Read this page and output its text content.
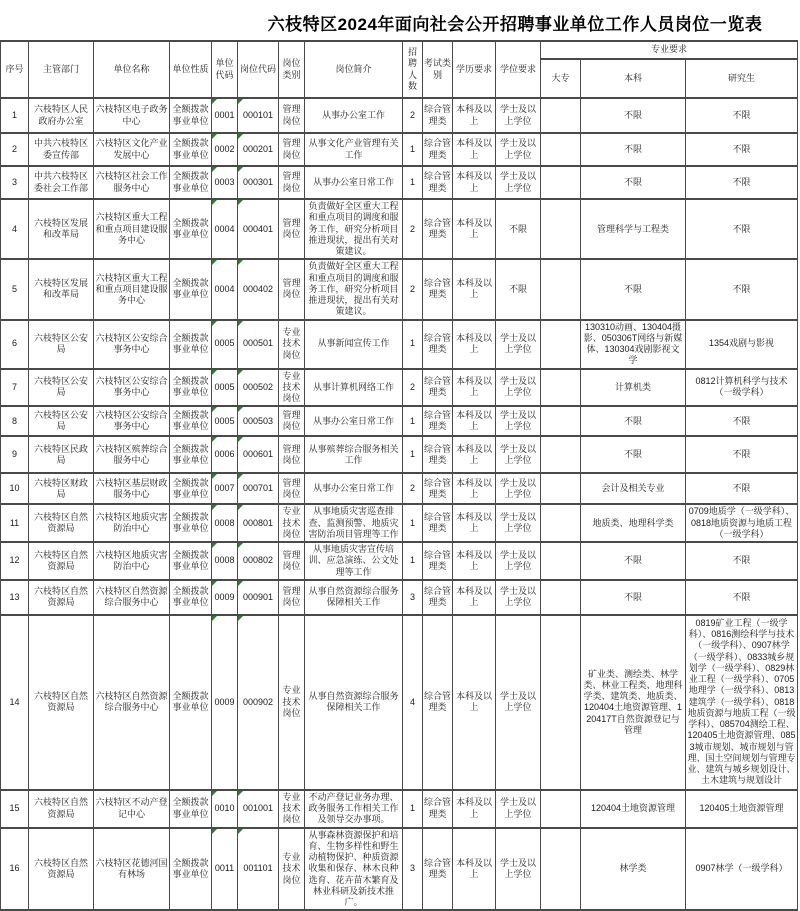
六枝特区2024年面向社会公开招聘事业单位工作人员岗位一览表
序号	主管部门	单位名称	单位性质	单位代码	岗位代码	岗位类别	岗位简介	招聘人数	考试类别	学历要求	学位要求	专业要求		
												大专	本科	研究生
1	六枝特区人民政府办公室	六枝特区电子政务中心	全额拨款事业单位	0001	000101	管理岗位	从事办公室工作	2	综合管理类	本科及以上	学士及以上学位		不限	不限
2	中共六枝特区委宣传部	六枝特区文化产业发展中心	全额拨款事业单位	0002	000201	管理岗位	从事文化产业管理有关工作	1	综合管理类	本科及以上	学士及以上学位		不限	不限
3	中共六枝特区委社会工作部	六枝特区社会工作服务中心	全额拨款事业单位	0003	000301	管理岗位	从事办公室日常工作	1	综合管理类	本科及以上	学士及以上学位		不限	不限
4	六枝特区发展和改革局	六枝特区重大工程和重点项目建设服务中心	全额拨款事业单位	0004	000401	管理岗位	负责做好全区重大工程和重点项目的调度和服务工作，研究分析项目推进现状，提出有关对策建议。	2	综合管理类	本科及以上	不限		管理科学与工程类	不限
5	六枝特区发展和改革局	六枝特区重大工程和重点项目建设服务中心	全额拨款事业单位	0004	000402	管理岗位	负责做好全区重大工程和重点项目的调度和服务工作，研究分析项目推进现状，提出有关对策建议。	2	综合管理类	本科及以上	不限		不限	不限
6	六枝特区公安局	六枝特区公安综合事务中心	全额拨款事业单位	0005	000501	专业技术岗位	从事新闻宣传工作	1	综合管理类	本科及以上	学士及以上学位		130310动画、130404摄影、050306T网络与新媒体、130304戏剧影视文学	1354戏剧与影视
7	六枝特区公安局	六枝特区公安综合事务中心	全额拨款事业单位	0005	000502	专业技术岗位	从事计算机网络工作	2	综合管理类	本科及以上	学士及以上学位		计算机类	0812计算机科学与技术（一级学科）
8	六枝特区公安局	六枝特区公安综合事务中心	全额拨款事业单位	0005	000503	管理岗位	从事办公室日常工作	1	综合管理类	本科及以上	学士及以上学位		不限	不限
9	六枝特区民政局	六枝特区殡葬综合服务中心	全额拨款事业单位	0006	000601	管理岗位	从事殡葬综合服务相关工作	1	综合管理类	本科及以上	学士及以上学位		不限	不限
10	六枝特区财政局	六枝特区基层财政服务中心	全额拨款事业单位	0007	000701	管理岗位	从事办公室日常工作	2	综合管理类	本科及以上	学士及以上学位		会计及相关专业	不限
11	六枝特区自然资源局	六枝特区地质灾害防治中心	全额拨款事业单位	0008	000801	专业技术岗位	从事地质灾害巡查排查、监测预警、地质灾害防治项目管理等工作	1	综合管理类	本科及以上	学士及以上学位		地质类、地理科学类	0709地质学（一级学科）、0818地质资源与地质工程（一级学科）
12	六枝特区自然资源局	六枝特区地质灾害防治中心	全额拨款事业单位	0008	000802	管理岗位	从事地质灾害宣传培训、应急演练、公文处理等工作	1	综合管理类	本科及以上	学士及以上学位		不限	不限
13	六枝特区自然资源局	六枝特区自然资源综合服务中心	全额拨款事业单位	0009	000901	管理岗位	从事自然资源综合服务保障相关工作	3	综合管理类	本科及以上	学士及以上学位		不限	不限
14	六枝特区自然资源局	六枝特区自然资源综合服务中心	全额拨款事业单位	0009	000902	专业技术岗位	从事自然资源综合服务保障相关工作	4	综合管理类	本科及以上	学士及以上学位		矿业类、测绘类、林学类、林业工程类、地理科学类、建筑类、地质类、120404土地资源管理、120417T自然资源登记与管理	0819矿业工程（一级学科）、0816测绘科学与技术（一级学科）、0907林学（一级学科）、0833城乡规划学（一级学科）、0829林业工程（一级学科）、0705地理学（一级学科）、0813建筑学（一级学科）、0818地质资源与地质工程（一级学科）、085704测绘工程、120405土地资源管理、0853城市规划、城市规划与管理、国土空间规划与管理专业、建筑与城乡规划设计、土木建筑与规划设计
15	六枝特区自然资源局	六枝特区不动产登记中心	全额拨款事业单位	0010	001001	专业技术岗位	不动产登记业务办理、政务服务工作相关工作及领导交办事项。	1	综合管理类	本科及以上	学士及以上学位		120404土地资源管理	120405土地资源管理
16	六枝特区自然资源局	六枝特区花德河国有林场	全额拨款事业单位	0011	001101	专业技术岗位	从事森林资源保护和培育、生物多样性和野生动植物保护、种质资源收集和保存、林木良种选育、花卉苗木繁育及林业科研及新技术推广。	3	综合管理类	本科及以上	学士及以上学位		林学类	0907林学（一级学科）
